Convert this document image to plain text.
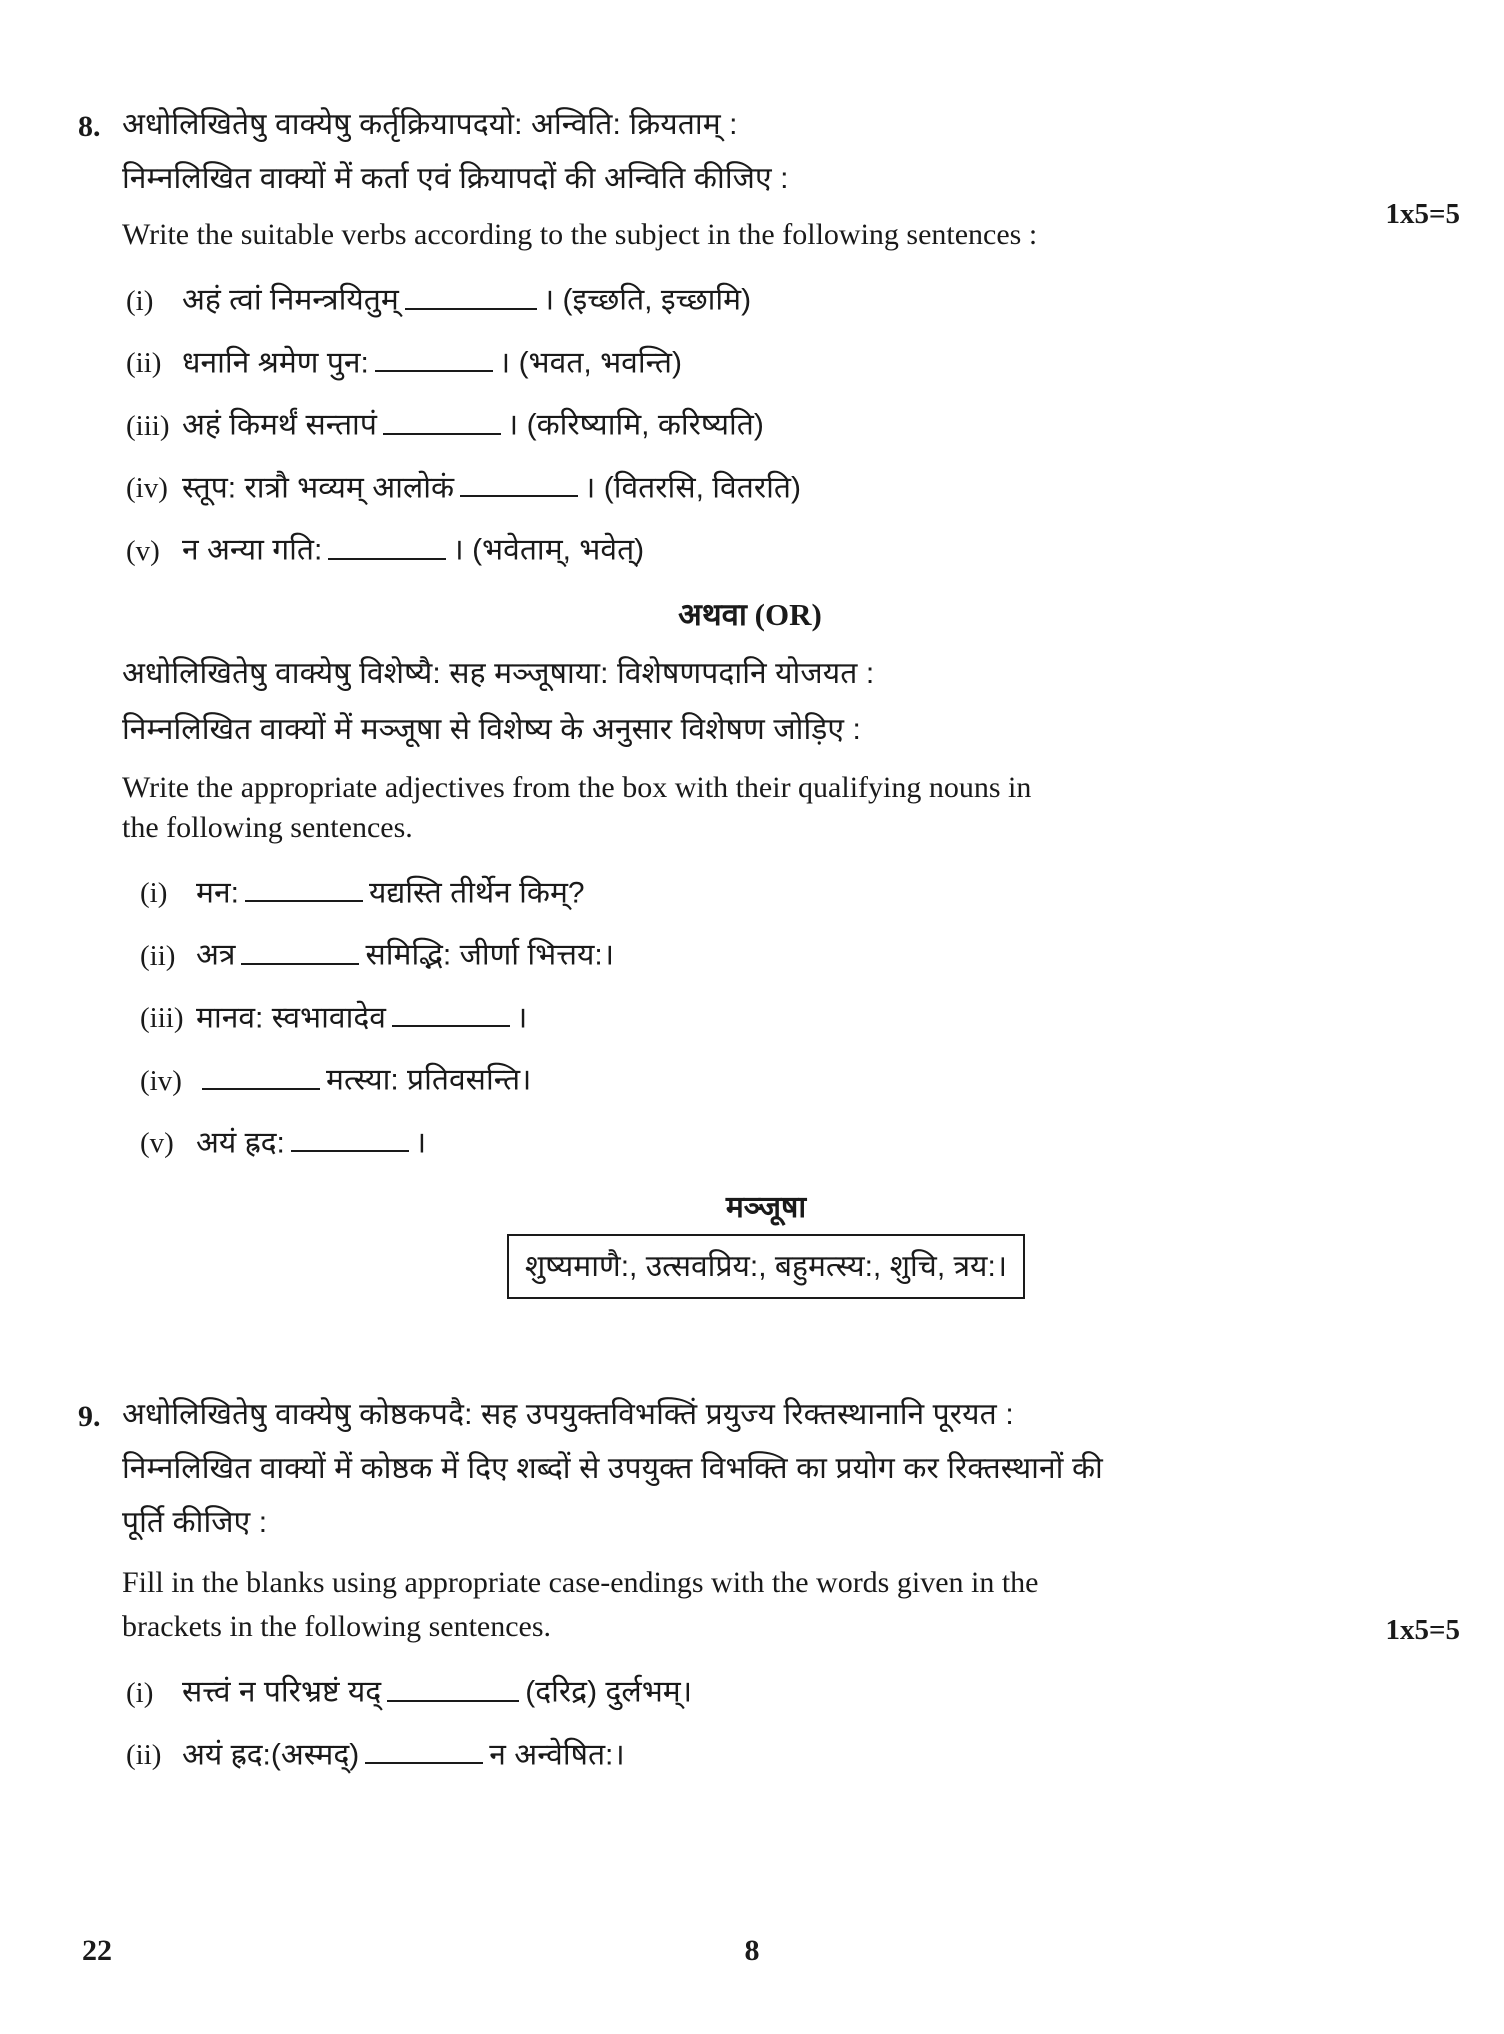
8. अधोलिखितेषु वाक्येषु कर्तृक्रियापदयो: अन्विति: क्रियताम् :
निम्नलिखित वाक्यों में कर्ता एवं क्रियापदों की अन्विति कीजिए :
1x5=5
Write the suitable verbs according to the subject in the following sentences :
(i) अहं त्वां निमन्त्रयितुम्	। (इच्छति, इच्छामि)
(ii) धनानि श्रमेण पुन:	। (भवत, भवन्ति)
(iii) अहं किमर्थं सन्तापं	। (करिष्यामि, करिष्यति)
(iv) स्तूप: रात्रौ भव्यम् आलोकं	। (वितरसि, वितरति)
(v) न अन्या गति:	। (भवेताम्, भवेत्)
अथवा (OR)
अधोलिखितेषु वाक्येषु विशेष्यै: सह मञ्जूषाया: विशेषणपदानि योजयत :
निम्नलिखित वाक्यों में मञ्जूषा से विशेष्य के अनुसार विशेषण जोड़िए :
Write the appropriate adjectives from the box with their qualifying nouns in
the following sentences.
(i) मन:	यद्यस्ति तीर्थेन किम्?
(ii) अत्र	समिद्भि: जीर्णा भित्तय:।
(iii) मानव: स्वभावादेव	।
(iv)	मत्स्या: प्रतिवसन्ति।
(v) अयं ह्रद:	।
मञ्जूषा
शुष्यमाणै:, उत्सवप्रिय:, बहुमत्स्य:, शुचि, त्रय:।
9. अधोलिखितेषु वाक्येषु कोष्ठकपदै: सह उपयुक्तविभक्तिं प्रयुज्य रिक्तस्थानानि पूरयत :
निम्नलिखित वाक्यों में कोष्ठक में दिए शब्दों से उपयुक्त विभक्ति का प्रयोग कर रिक्तस्थानों की
पूर्ति कीजिए :
Fill in the blanks using appropriate case-endings with the words given in the
brackets in the following sentences.	1x5=5
(i) सत्त्वं न परिभ्रष्टं यद्	(दरिद्र) दुर्लभम्।
(ii) अयं ह्रद:(अस्मद्)	न अन्वेषित:।
22	8
